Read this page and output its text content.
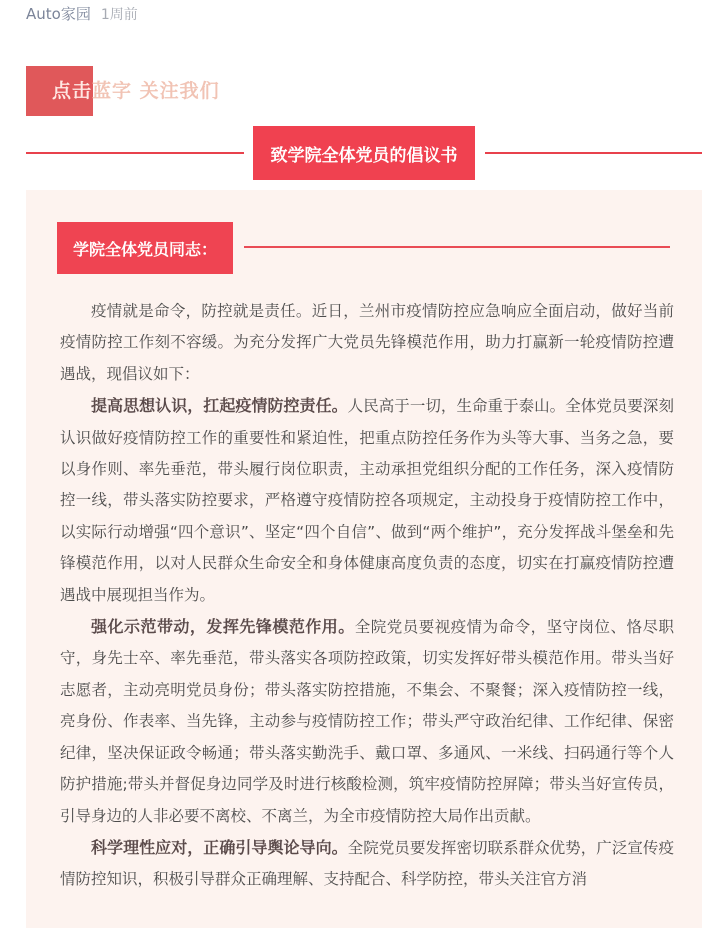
Auto家园 1周前
点击蓝字 关注我们
致学院全体党员的倡议书
学院全体党员同志：

疫情就是命令，防控就是责任。近日，兰州市疫情防控应急响应全面启动，做好当前疫情防控工作刻不容缓。为充分发挥广大党员先锋模范作用，助力打赢新一轮疫情防控遭遇战，现倡议如下：

提高思想认识，扛起疫情防控责任。人民高于一切，生命重于泰山。全体党员要深刻认识做好疫情防控工作的重要性和紧迫性，把重点防控任务作为头等大事、当务之急，要以身作则、率先垂范，带头履行岗位职责，主动承担党组织分配的工作任务，深入疫情防控一线，带头落实防控要求，严格遵守疫情防控各项规定，主动投身于疫情防控工作中，以实际行动增强“四个意识”、坚定“四个自信”、做到“两个维护”，充分发挥战斗堡垒和先锋模范作用，以对人民群众生命安全和身体健康高度负责的态度，切实在打赢疫情防控遭遇战中展现担当作为。

强化示范带动，发挥先锋模范作用。全院党员要视疫情为命令，坚守岗位、恪尽职守，身先士卒、率先垂范，带头落实各项防控政策，切实发挥好带头模范作用。带头当好志愿者，主动亮明党员身份；带头落实防控措施，不集会、不聚餐；深入疫情防控一线，亮身份、作表率、当先锋，主动参与疫情防控工作；带头严守政治纪律、工作纪律、保密纪律，坚决保证政令畅通；带头落实勤洗手、戴口罩、多通风、一米线、扫码通行等个人防护措施;带头并督促身边同学及时进行核酸检测，筑牢疫情防控屏障；带头当好宣传员，引导身边的人非必要不离校、不离兰，为全市疫情防控大局作出贡献。

科学理性应对，正确引导舆论导向。全院党员要发挥密切联系群众优势，广泛宣传疫情防控知识，积极引导群众正确理解、支持配合、科学防控，带头关注官方消
